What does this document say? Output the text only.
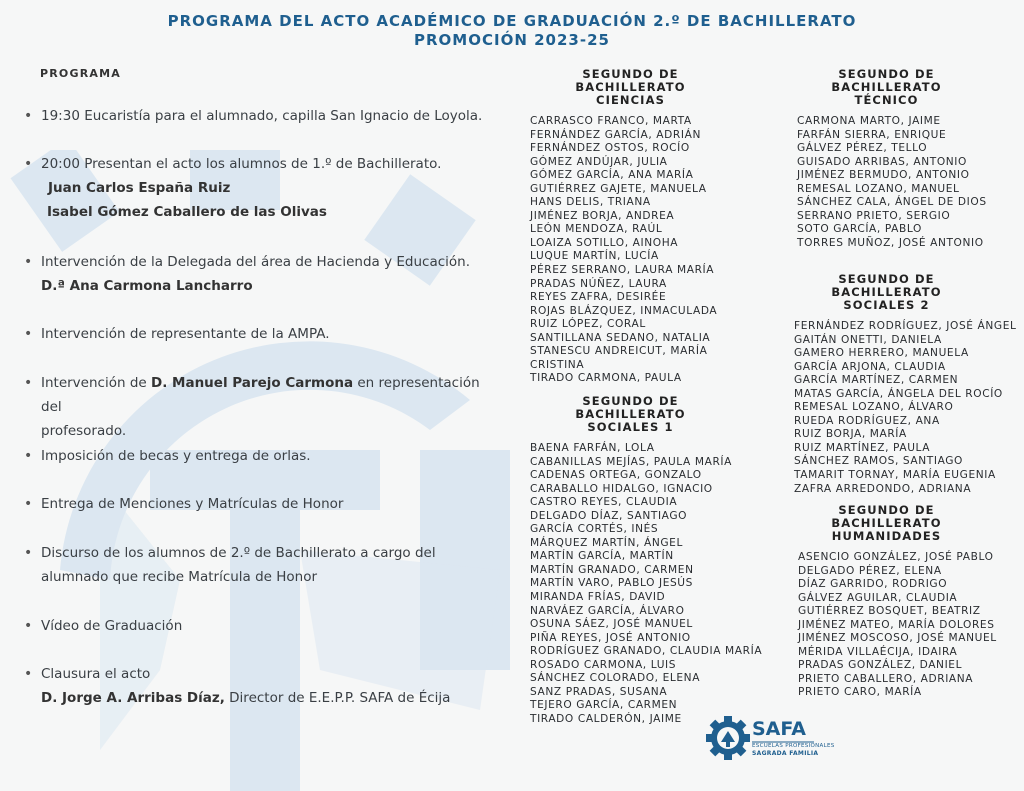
PROGRAMA DEL ACTO ACADÉMICO DE GRADUACIÓN 2.º DE BACHILLERATO
PROMOCIÓN 2023-25
PROGRAMA
• 19:30 Eucaristía para el alumnado, capilla San Ignacio de Loyola.
• 20:00 Presentan el acto los alumnos de 1.º de Bachillerato.
Juan Carlos España Ruiz
Isabel Gómez Caballero de las Olivas
• Intervención de la Delegada del área de Hacienda y Educación.
D.ª Ana Carmona Lancharro
• Intervención de representante de la AMPA.
• Intervención de D. Manuel Parejo Carmona en representación del
profesorado.
• Imposición de becas y entrega de orlas.
• Entrega de Menciones y Matrículas de Honor
• Discurso de los alumnos de 2.º de Bachillerato a cargo del
alumnado que recibe Matrícula de Honor
• Vídeo de Graduación
• Clausura el acto
D. Jorge A. Arribas Díaz, Director de E.E.P.P. SAFA de Écija
SEGUNDO DE BACHILLERATO
CIENCIAS
CARRASCO FRANCO, MARTA
FERNÁNDEZ GARCÍA, ADRIÁN
FERNÁNDEZ OSTOS, ROCÍO
GÓMEZ ANDÚJAR, JULIA
GÓMEZ GARCÍA, ANA MARÍA
GUTIÉRREZ GAJETE, MANUELA
HANS DELIS, TRIANA
JIMÉNEZ BORJA, ANDREA
LEÓN MENDOZA, RAÚL
LOAIZA SOTILLO, AINOHA
LUQUE MARTÍN, LUCÍA
PÉREZ SERRANO, LAURA MARÍA
PRADAS NÚÑEZ, LAURA
REYES ZAFRA, DESIRÉE
ROJAS BLÁZQUEZ, INMACULADA
RUIZ LÓPEZ, CORAL
SANTILLANA SEDANO, NATALIA
STANESCU ANDREICUT, MARÍA
CRISTINA
TIRADO CARMONA, PAULA
SEGUNDO DE BACHILLERATO
SOCIALES 1
BAENA FARFÁN, LOLA
CABANILLAS MEJÍAS, PAULA MARÍA
CADENAS ORTEGA, GONZALO
CARABALLO HIDALGO, IGNACIO
CASTRO REYES, CLAUDIA
DELGADO DÍAZ, SANTIAGO
GARCÍA CORTÉS, INÉS
MÁRQUEZ MARTÍN, ÁNGEL
MARTÍN GARCÍA, MARTÍN
MARTÍN GRANADO, CARMEN
MARTÍN VARO, PABLO JESÚS
MIRANDA FRÍAS, DAVID
NARVÁEZ GARCÍA, ÁLVARO
OSUNA SÁEZ, JOSÉ MANUEL
PIÑA REYES, JOSÉ ANTONIO
RODRÍGUEZ GRANADO, CLAUDIA MARÍA
ROSADO CARMONA, LUIS
SÁNCHEZ COLORADO, ELENA
SANZ PRADAS, SUSANA
TEJERO GARCÍA, CARMEN
TIRADO CALDERÓN, JAIME
SEGUNDO DE BACHILLERATO
TÉCNICO
CARMONA MARTO, JAIME
FARFÁN SIERRA, ENRIQUE
GÁLVEZ PÉREZ, TELLO
GUISADO ARRIBAS, ANTONIO
JIMÉNEZ BERMUDO, ANTONIO
REMESAL LOZANO, MANUEL
SÁNCHEZ CALA, ÁNGEL DE DIOS
SERRANO PRIETO, SERGIO
SOTO GARCÍA, PABLO
TORRES MUÑOZ, JOSÉ ANTONIO
SEGUNDO DE BACHILLERATO
SOCIALES 2
FERNÁNDEZ RODRÍGUEZ, JOSÉ ÁNGEL
GAITÁN ONETTI, DANIELA
GAMERO HERRERO, MANUELA
GARCÍA ARJONA, CLAUDIA
GARCÍA MARTÍNEZ, CARMEN
MATAS GARCÍA, ÁNGELA DEL ROCÍO
REMESAL LOZANO, ÁLVARO
RUEDA RODRÍGUEZ, ANA
RUIZ BORJA, MARÍA
RUIZ MARTÍNEZ, PAULA
SÁNCHEZ RAMOS, SANTIAGO
TAMARIT TORNAY, MARÍA EUGENIA
ZAFRA ARREDONDO, ADRIANA
SEGUNDO DE BACHILLERATO
HUMANIDADES
ASENCIO GONZÁLEZ, JOSÉ PABLO
DELGADO PÉREZ, ELENA
DÍAZ GARRIDO, RODRIGO
GÁLVEZ AGUILAR, CLAUDIA
GUTIÉRREZ BOSQUET, BEATRIZ
JIMÉNEZ MATEO, MARÍA DOLORES
JIMÉNEZ MOSCOSO, JOSÉ MANUEL
MÉRIDA VILLAÉCIJA, IDAIRA
PRADAS GONZÁLEZ, DANIEL
PRIETO CABALLERO, ADRIANA
PRIETO CARO, MARÍA
SAFA
ESCUELAS PROFESIONALES
SAGRADA FAMILIA
